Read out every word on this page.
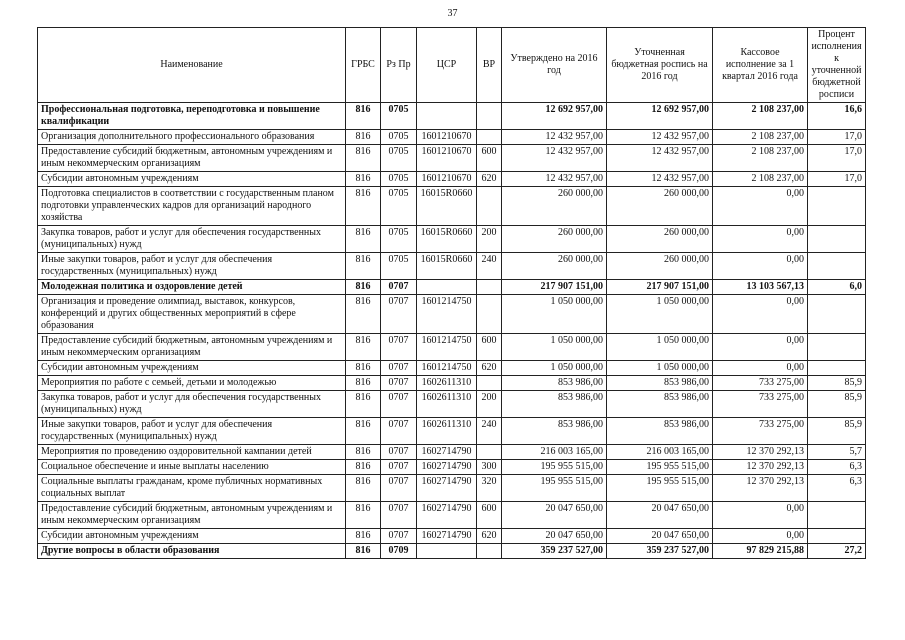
37
Наименование	ГРБС	Рз Пр	ЦСР	ВР	Утверждено на 2016 год	Уточненная бюджетная роспись на 2016 год	Кассовое исполнение за 1 квартал 2016 года	Процент исполнения к уточненной бюджетной росписи
Профессиональная подготовка, переподготовка и повышение квалификации	816	0705			12 692 957,00	12 692 957,00	2 108 237,00	16,6
Организация дополнительного профессионального образования	816	0705	1601210670		12 432 957,00	12 432 957,00	2 108 237,00	17,0
Предоставление субсидий бюджетным, автономным учреждениям и иным некоммерческим организациям	816	0705	1601210670	600	12 432 957,00	12 432 957,00	2 108 237,00	17,0
Субсидии автономным учреждениям	816	0705	1601210670	620	12 432 957,00	12 432 957,00	2 108 237,00	17,0
Подготовка специалистов в соответствии с государственным планом подготовки управленческих кадров для организаций народного хозяйства	816	0705	16015R0660		260 000,00	260 000,00	0,00	
Закупка товаров, работ и услуг для обеспечения государственных (муниципальных) нужд	816	0705	16015R0660	200	260 000,00	260 000,00	0,00	
Иные закупки товаров, работ и услуг для обеспечения государственных (муниципальных) нужд	816	0705	16015R0660	240	260 000,00	260 000,00	0,00	
Молодежная политика и оздоровление детей	816	0707			217 907 151,00	217 907 151,00	13 103 567,13	6,0
Организация и проведение олимпиад, выставок, конкурсов, конференций и других общественных мероприятий в сфере образования	816	0707	1601214750		1 050 000,00	1 050 000,00	0,00	
Предоставление субсидий бюджетным, автономным учреждениям и иным некоммерческим организациям	816	0707	1601214750	600	1 050 000,00	1 050 000,00	0,00	
Субсидии автономным учреждениям	816	0707	1601214750	620	1 050 000,00	1 050 000,00	0,00	
Мероприятия по работе с семьей, детьми и молодежью	816	0707	1602611310		853 986,00	853 986,00	733 275,00	85,9
Закупка товаров, работ и услуг для обеспечения государственных (муниципальных) нужд	816	0707	1602611310	200	853 986,00	853 986,00	733 275,00	85,9
Иные закупки товаров, работ и услуг для обеспечения государственных (муниципальных) нужд	816	0707	1602611310	240	853 986,00	853 986,00	733 275,00	85,9
Мероприятия по проведению оздоровительной кампании детей	816	0707	1602714790		216 003 165,00	216 003 165,00	12 370 292,13	5,7
Социальное обеспечение и иные выплаты населению	816	0707	1602714790	300	195 955 515,00	195 955 515,00	12 370 292,13	6,3
Социальные выплаты гражданам, кроме публичных нормативных социальных выплат	816	0707	1602714790	320	195 955 515,00	195 955 515,00	12 370 292,13	6,3
Предоставление субсидий бюджетным, автономным учреждениям и иным некоммерческим организациям	816	0707	1602714790	600	20 047 650,00	20 047 650,00	0,00	
Субсидии автономным учреждениям	816	0707	1602714790	620	20 047 650,00	20 047 650,00	0,00	
Другие вопросы в области образования	816	0709			359 237 527,00	359 237 527,00	97 829 215,88	27,2
